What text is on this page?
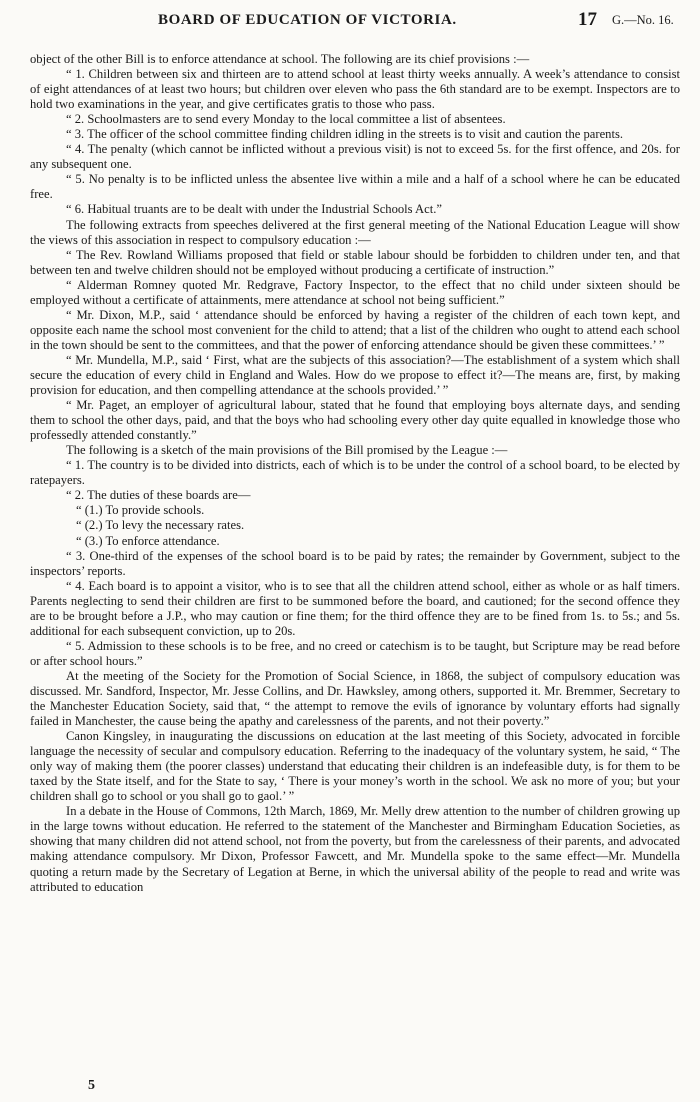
BOARD OF EDUCATION OF VICTORIA.	17 G.—No. 16.

object of the other Bill is to enforce attendance at school. The following are its chief provisions :—

“ 1. Children between six and thirteen are to attend school at least thirty weeks annually. A week’s attendance to consist of eight attendances of at least two hours; but children over eleven who pass the 6th standard are to be exempt. Inspectors are to hold two examinations in the year, and give certificates gratis to those who pass.

“ 2. Schoolmasters are to send every Monday to the local committee a list of absentees.

“ 3. The officer of the school committee finding children idling in the streets is to visit and caution the parents.

“ 4. The penalty (which cannot be inflicted without a previous visit) is not to exceed 5s. for the first offence, and 20s. for any subsequent one.

“ 5. No penalty is to be inflicted unless the absentee live within a mile and a half of a school where he can be educated free.

“ 6. Habitual truants are to be dealt with under the Industrial Schools Act.”

The following extracts from speeches delivered at the first general meeting of the National Education League will show the views of this association in respect to compulsory education :—

“ The Rev. Rowland Williams proposed that field or stable labour should be forbidden to children under ten, and that between ten and twelve children should not be employed without producing a certificate of instruction.”

“ Alderman Romney quoted Mr. Redgrave, Factory Inspector, to the effect that no child under sixteen should be employed without a certificate of attainments, mere attendance at school not being sufficient.”

“ Mr. Dixon, M.P., said ‘ attendance should be enforced by having a register of the children of each town kept, and opposite each name the school most convenient for the child to attend; that a list of the children who ought to attend each school in the town should be sent to the committees, and that the power of enforcing attendance should be given these committees.’ ”

“ Mr. Mundella, M.P., said ‘ First, what are the subjects of this association?—The establishment of a system which shall secure the education of every child in England and Wales. How do we propose to effect it?—The means are, first, by making provision for education, and then compelling attendance at the schools provided.’ ”

“ Mr. Paget, an employer of agricultural labour, stated that he found that employing boys alternate days, and sending them to school the other days, paid, and that the boys who had schooling every other day quite equalled in knowledge those who professedly attended constantly.”

The following is a sketch of the main provisions of the Bill promised by the League :—

“ 1. The country is to be divided into districts, each of which is to be under the control of a school board, to be elected by ratepayers.

“ 2. The duties of these boards are—

“ (1.) To provide schools.

“ (2.) To levy the necessary rates.

“ (3.) To enforce attendance.

“ 3. One-third of the expenses of the school board is to be paid by rates; the remainder by Government, subject to the inspectors’ reports.

“ 4. Each board is to appoint a visitor, who is to see that all the children attend school, either as whole or as half timers. Parents neglecting to send their children are first to be summoned before the board, and cautioned; for the second offence they are to be brought before a J.P., who may caution or fine them; for the third offence they are to be fined from 1s. to 5s.; and 5s. additional for each subsequent conviction, up to 20s.

“ 5. Admission to these schools is to be free, and no creed or catechism is to be taught, but Scripture may be read before or after school hours.”

At the meeting of the Society for the Promotion of Social Science, in 1868, the subject of compulsory education was discussed. Mr. Sandford, Inspector, Mr. Jesse Collins, and Dr. Hawksley, among others, supported it. Mr. Bremmer, Secretary to the Manchester Education Society, said that, “ the attempt to remove the evils of ignorance by voluntary efforts had signally failed in Manchester, the cause being the apathy and carelessness of the parents, and not their poverty.”

Canon Kingsley, in inaugurating the discussions on education at the last meeting of this Society, advocated in forcible language the necessity of secular and compulsory education. Referring to the inadequacy of the voluntary system, he said, “ The only way of making them (the poorer classes) understand that educating their children is an indefeasible duty, is for them to be taxed by the State itself, and for the State to say, ‘ There is your money’s worth in the school. We ask no more of you; but your children shall go to school or you shall go to gaol.’ ”

In a debate in the House of Commons, 12th March, 1869, Mr. Melly drew attention to the number of children growing up in the large towns without education. He referred to the statement of the Manchester and Birmingham Education Societies, as showing that many children did not attend school, not from the poverty, but from the carelessness of their parents, and advocated making attendance compulsory. Mr Dixon, Professor Fawcett, and Mr. Mundella spoke to the same effect—Mr. Mundella quoting a return made by the Secretary of Legation at Berne, in which the universal ability of the people to read and write was attributed to education

5
